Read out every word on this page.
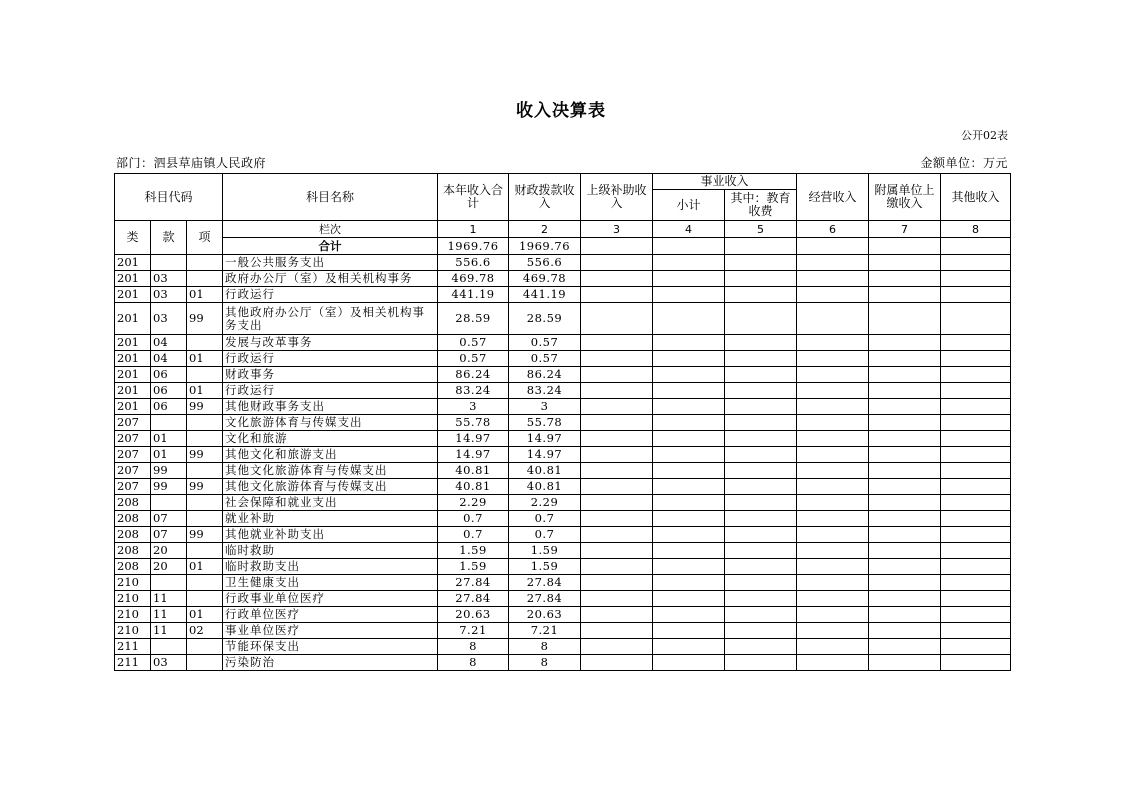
收入决算表
公开02表
部门：泗县草庙镇人民政府	金额单位：万元
科目代码			科目名称	本年收入合计	财政拨款收入	上级补助收入	事业收入		经营收入	附属单位上缴收入	其他收入
							小计	其中：教育收费			
类	款	项	栏次	1	2	3	4	5	6	7	8
			合计	1969.76	1969.76						
201			一般公共服务支出	556.6	556.6						
201	03		政府办公厅（室）及相关机构事务	469.78	469.78						
201	03	01	行政运行	441.19	441.19						
201	03	99	其他政府办公厅（室）及相关机构事务支出	28.59	28.59						
201	04		发展与改革事务	0.57	0.57						
201	04	01	行政运行	0.57	0.57						
201	06		财政事务	86.24	86.24						
201	06	01	行政运行	83.24	83.24						
201	06	99	其他财政事务支出	3	3						
207			文化旅游体育与传媒支出	55.78	55.78						
207	01		文化和旅游	14.97	14.97						
207	01	99	其他文化和旅游支出	14.97	14.97						
207	99		其他文化旅游体育与传媒支出	40.81	40.81						
207	99	99	其他文化旅游体育与传媒支出	40.81	40.81						
208			社会保障和就业支出	2.29	2.29						
208	07		就业补助	0.7	0.7						
208	07	99	其他就业补助支出	0.7	0.7						
208	20		临时救助	1.59	1.59						
208	20	01	临时救助支出	1.59	1.59						
210			卫生健康支出	27.84	27.84						
210	11		行政事业单位医疗	27.84	27.84						
210	11	01	行政单位医疗	20.63	20.63						
210	11	02	事业单位医疗	7.21	7.21						
211			节能环保支出	8	8						
211	03		污染防治	8	8						
